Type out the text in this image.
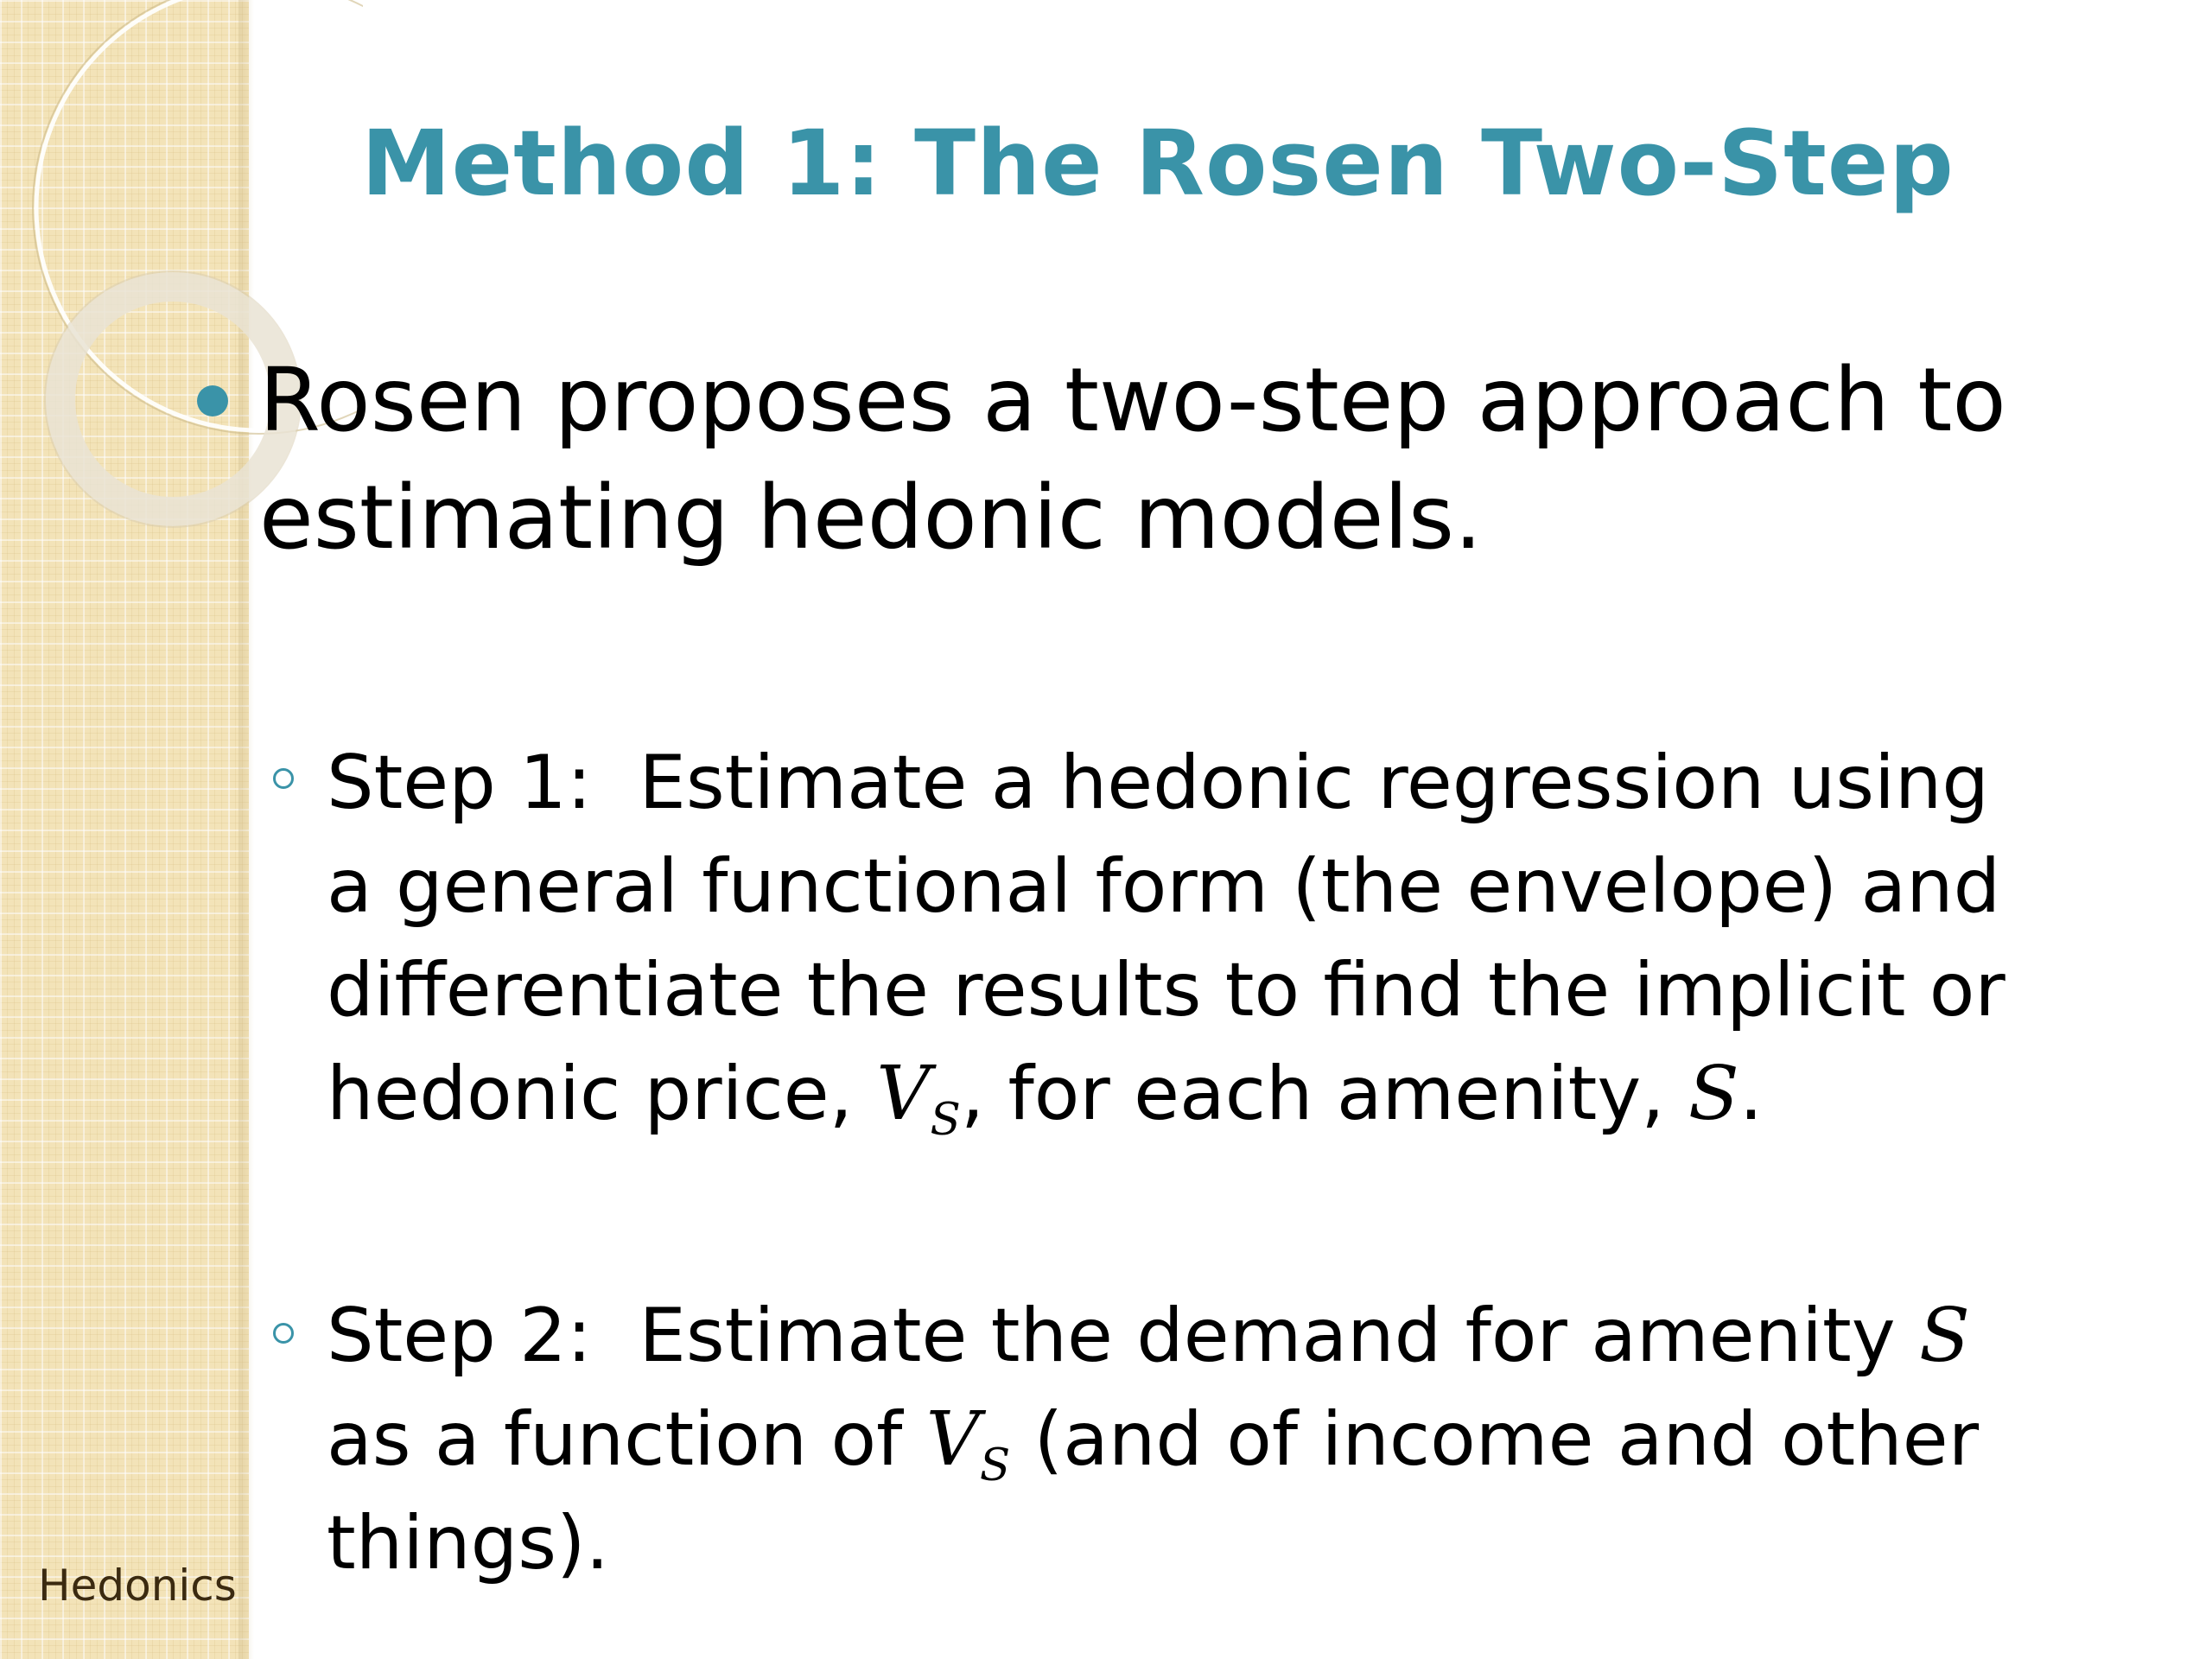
Method 1: The Rosen Two-Step

Rosen proposes a two-step approach to estimating hedonic models.

Step 1: Estimate a hedonic regression using a general functional form (the envelope) and differentiate the results to find the implicit or hedonic price, $V_S$, for each amenity, S.

Step 2: Estimate the demand for amenity S as a function of $V_S$ (and of income and other things).

Hedonics
